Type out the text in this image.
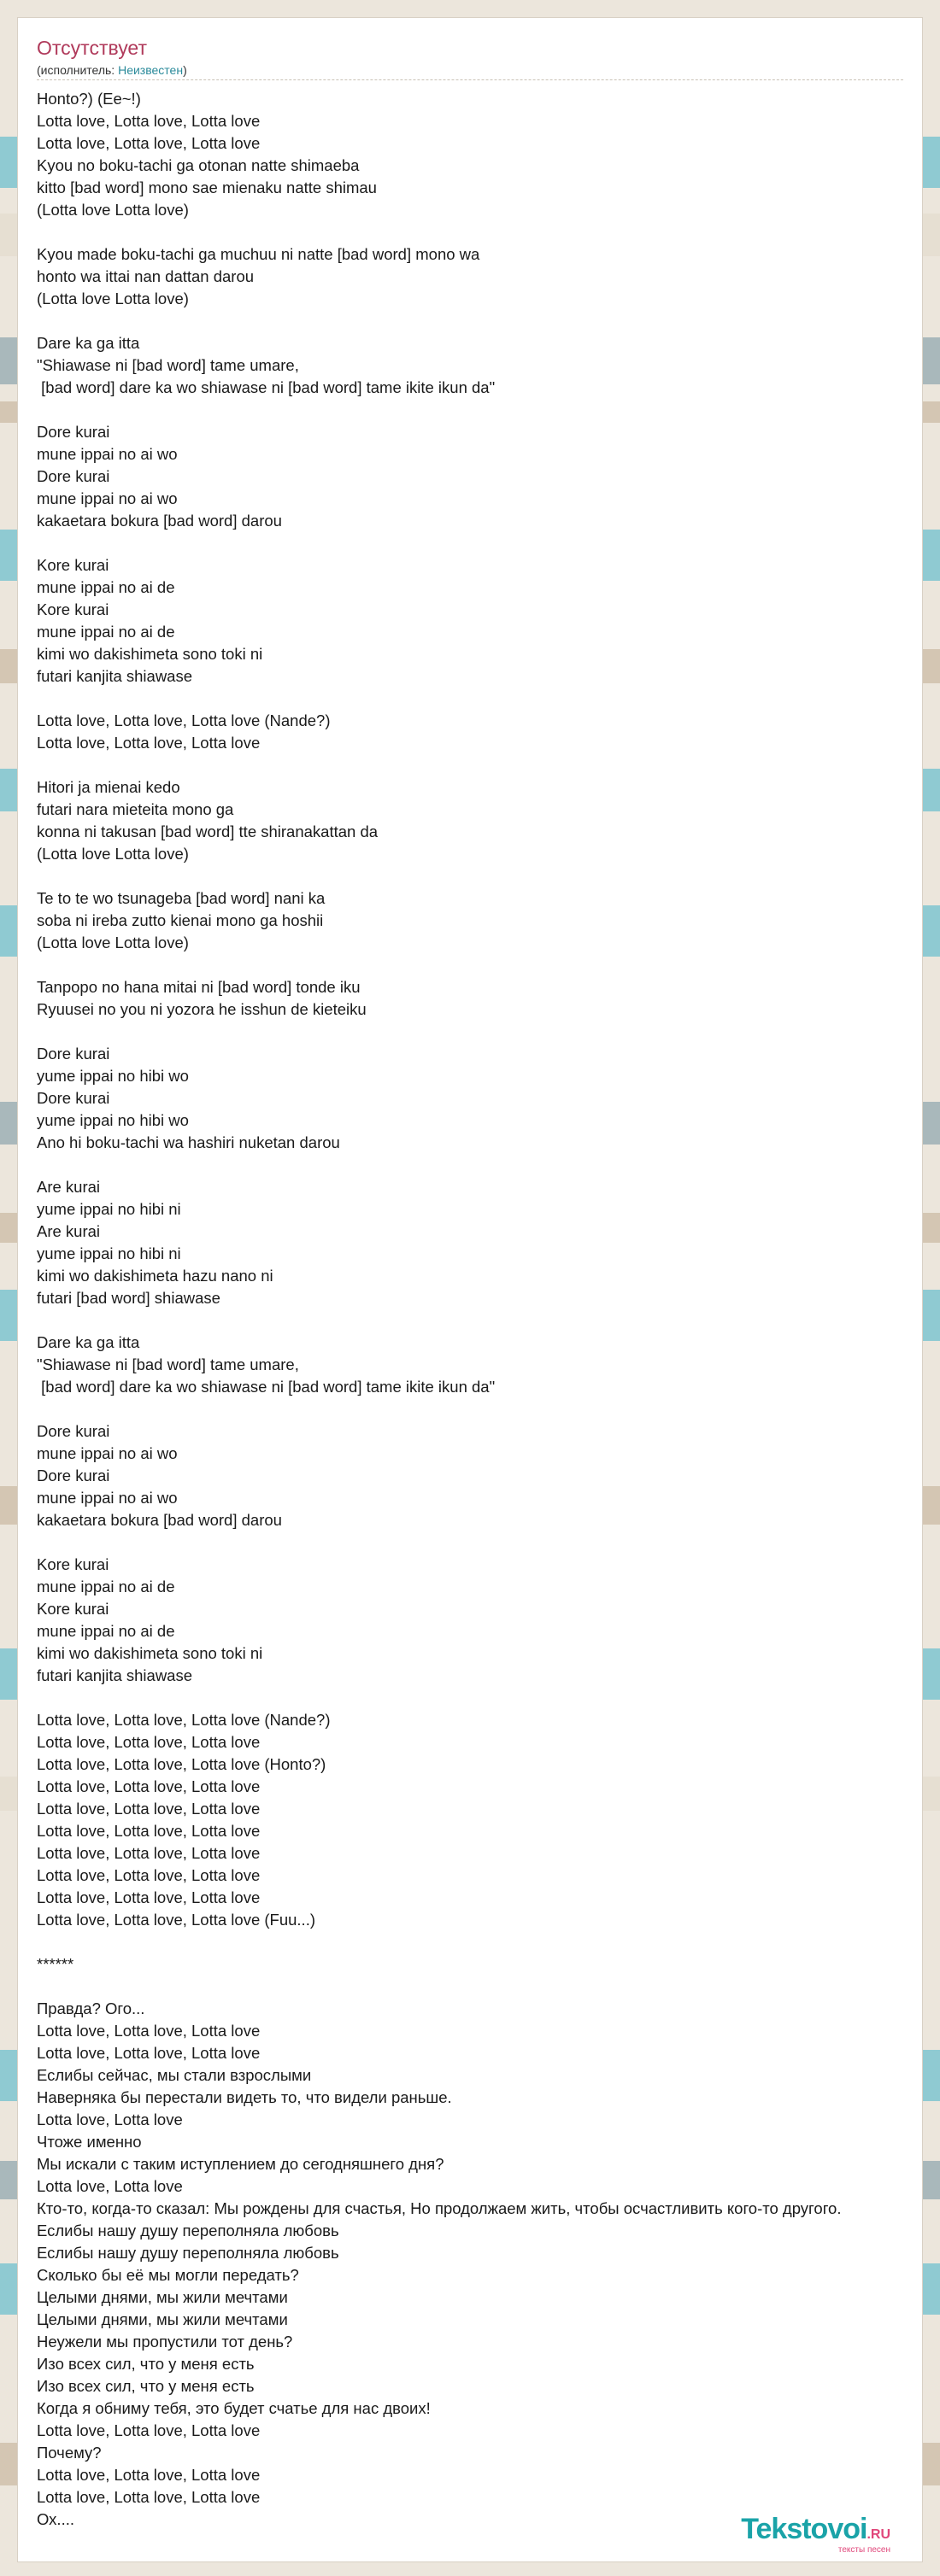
Отсутствует
(исполнитель: Неизвестен)
Honto?) (Ee~!)
Lotta love, Lotta love, Lotta love
Lotta love, Lotta love, Lotta love
Kyou no boku-tachi ga otonan natte shimaeba
kitto [bad word] mono sae mienaku natte shimau
(Lotta love Lotta love)

Kyou made boku-tachi ga muchuu ni natte [bad word] mono wa
honto wa ittai nan dattan darou
(Lotta love Lotta love)

Dare ka ga itta
"Shiawase ni [bad word] tame umare,
[bad word] dare ka wo shiawase ni [bad word] tame ikite ikun da"

Dore kurai
mune ippai no ai wo
Dore kurai
mune ippai no ai wo
kakaetara bokura [bad word] darou

Kore kurai
mune ippai no ai de
Kore kurai
mune ippai no ai de
kimi wo dakishimeta sono toki ni
futari kanjita shiawase

Lotta love, Lotta love, Lotta love (Nande?)
Lotta love, Lotta love, Lotta love

Hitori ja mienai kedo
futari nara mieteita mono ga
konna ni takusan [bad word] tte shiranakattan da
(Lotta love Lotta love)

Te to te wo tsunageba [bad word] nani ka
soba ni ireba zutto kienai mono ga hoshii
(Lotta love Lotta love)

Tanpopo no hana mitai ni [bad word] tonde iku
Ryuusei no you ni yozora he isshun de kieteiku

Dore kurai
yume ippai no hibi wo
Dore kurai
yume ippai no hibi wo
Ano hi boku-tachi wa hashiri nuketan darou

Are kurai
yume ippai no hibi ni
Are kurai
yume ippai no hibi ni
kimi wo dakishimeta hazu nano ni
futari [bad word] shiawase

Dare ka ga itta
"Shiawase ni [bad word] tame umare,
[bad word] dare ka wo shiawase ni [bad word] tame ikite ikun da"

Dore kurai
mune ippai no ai wo
Dore kurai
mune ippai no ai wo
kakaetara bokura [bad word] darou

Kore kurai
mune ippai no ai de
Kore kurai
mune ippai no ai de
kimi wo dakishimeta sono toki ni
futari kanjita shiawase

Lotta love, Lotta love, Lotta love (Nande?)
Lotta love, Lotta love, Lotta love
Lotta love, Lotta love, Lotta love (Honto?)
Lotta love, Lotta love, Lotta love
Lotta love, Lotta love, Lotta love
Lotta love, Lotta love, Lotta love
Lotta love, Lotta love, Lotta love
Lotta love, Lotta love, Lotta love
Lotta love, Lotta love, Lotta love
Lotta love, Lotta love, Lotta love (Fuu...)

******

Правда? Ого...
Lotta love, Lotta love, Lotta love
Lotta love, Lotta love, Lotta love
Еслибы сейчас, мы стали взрослыми
Наверняка бы перестали видеть то, что видели раньше.
Lotta love, Lotta love
Чтоже именно
Мы искали с таким иступлением до сегодняшнего дня?
Lotta love, Lotta love
Кто-то, когда-то сказал: Мы рождены для счастья, Но продолжаем жить, чтобы осчастливить кого-то другого.
Еслибы нашу душу переполняла любовь
Еслибы нашу душу переполняла любовь
Сколько бы её мы могли передать?
Целыми днями, мы жили мечтами
Целыми днями, мы жили мечтами
Неужели мы пропустили тот день?
Изо всех сил, что у меня есть
Изо всех сил, что у меня есть
Когда я обниму тебя, это будет счатье для нас двоих!
Lotta love, Lotta love, Lotta love
Почему?
Lotta love, Lotta love, Lotta love
Lotta love, Lotta love, Lotta love
Ох....	Tekstovoi.RU
тексты песен
